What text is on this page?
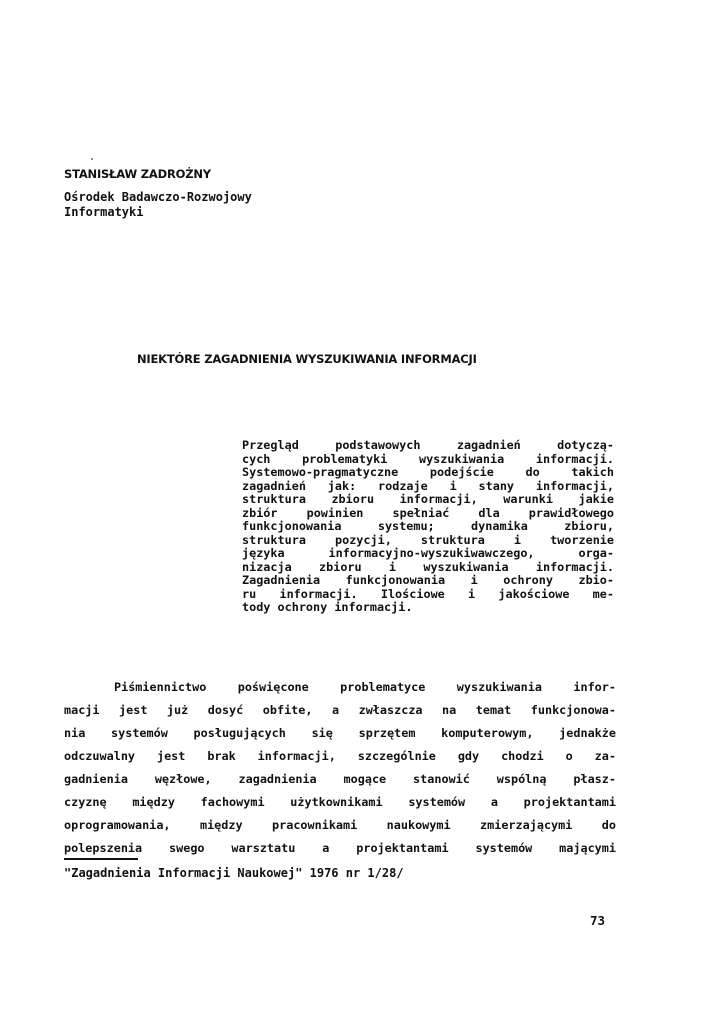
STANISŁAW ZADROŻNY
Ośrodek Badawczo-Rozwojowy
Informatyki
NIEKTÓRE ZAGADNIENIA WYSZUKIWANIA INFORMACJI
Przegląd podstawowych zagadnień dotyczą-
cych problematyki wyszukiwania informacji.
Systemowo-pragmatyczne podejście do takich
zagadnień jak: rodzaje i stany informacji,
struktura zbioru informacji, warunki jakie
zbiór powinien spełniać dla prawidłowego
funkcjonowania systemu; dynamika zbioru,
struktura pozycji, struktura i tworzenie
języka informacyjno-wyszukiwawczego, orga-
nizacja zbioru i wyszukiwania informacji.
Zagadnienia funkcjonowania i ochrony zbio-
ru informacji. Ilościowe i jakościowe me-
tody ochrony informacji.
Piśmiennictwo poświęcone problematyce wyszukiwania infor-
macji jest już dosyć obfite, a zwłaszcza na temat funkcjonowa-
nia systemów posługujących się sprzętem komputerowym, jednakże
odczuwalny jest brak informacji, szczególnie gdy chodzi o za-
gadnienia węzłowe, zagadnienia mogące stanowić wspólną płasz-
czyznę między fachowymi użytkownikami systemów a projektantami
oprogramowania, między pracownikami naukowymi zmierzającymi do
polepszenia swego warsztatu a projektantami systemów mającymi
"Zagadnienia Informacji Naukowej" 1976 nr 1/28/
73
